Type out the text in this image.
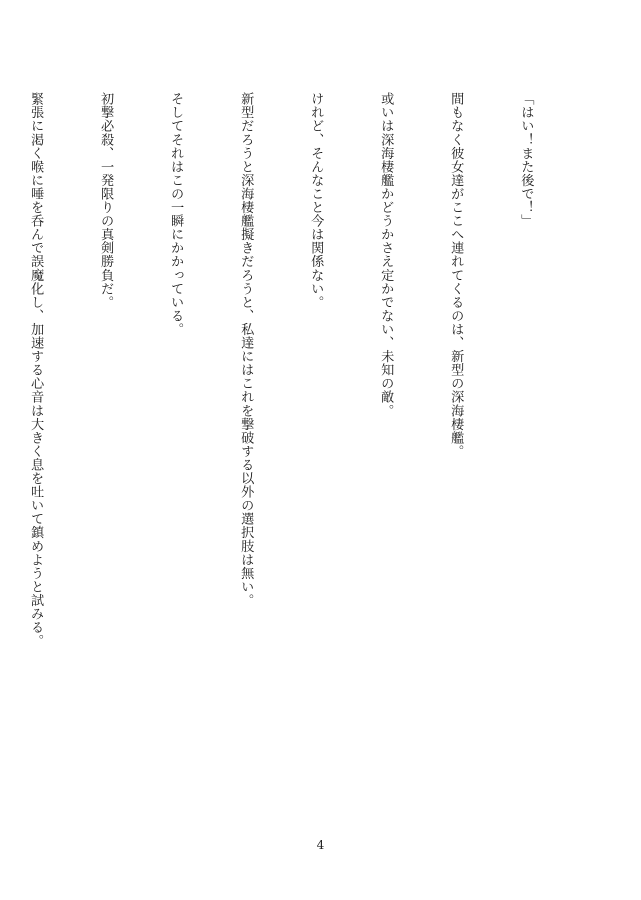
「はい！また後で！」

間もなく彼女達がここへ連れてくるのは、新型の深海棲艦。

或いは深海棲艦かどうかさえ定かでない、未知の敵。

けれど、そんなこと今は関係ない。

新型だろうと深海棲艦擬きだろうと、私達にはこれを撃破する以外の選択肢は無い。

そしてそれはこの一瞬にかかっている。

初撃必殺、一発限りの真剣勝負だ。

緊張に渇く喉に唾を呑んで誤魔化し、加速する心音は大きく息を吐いて鎮めようと試みる。

4
